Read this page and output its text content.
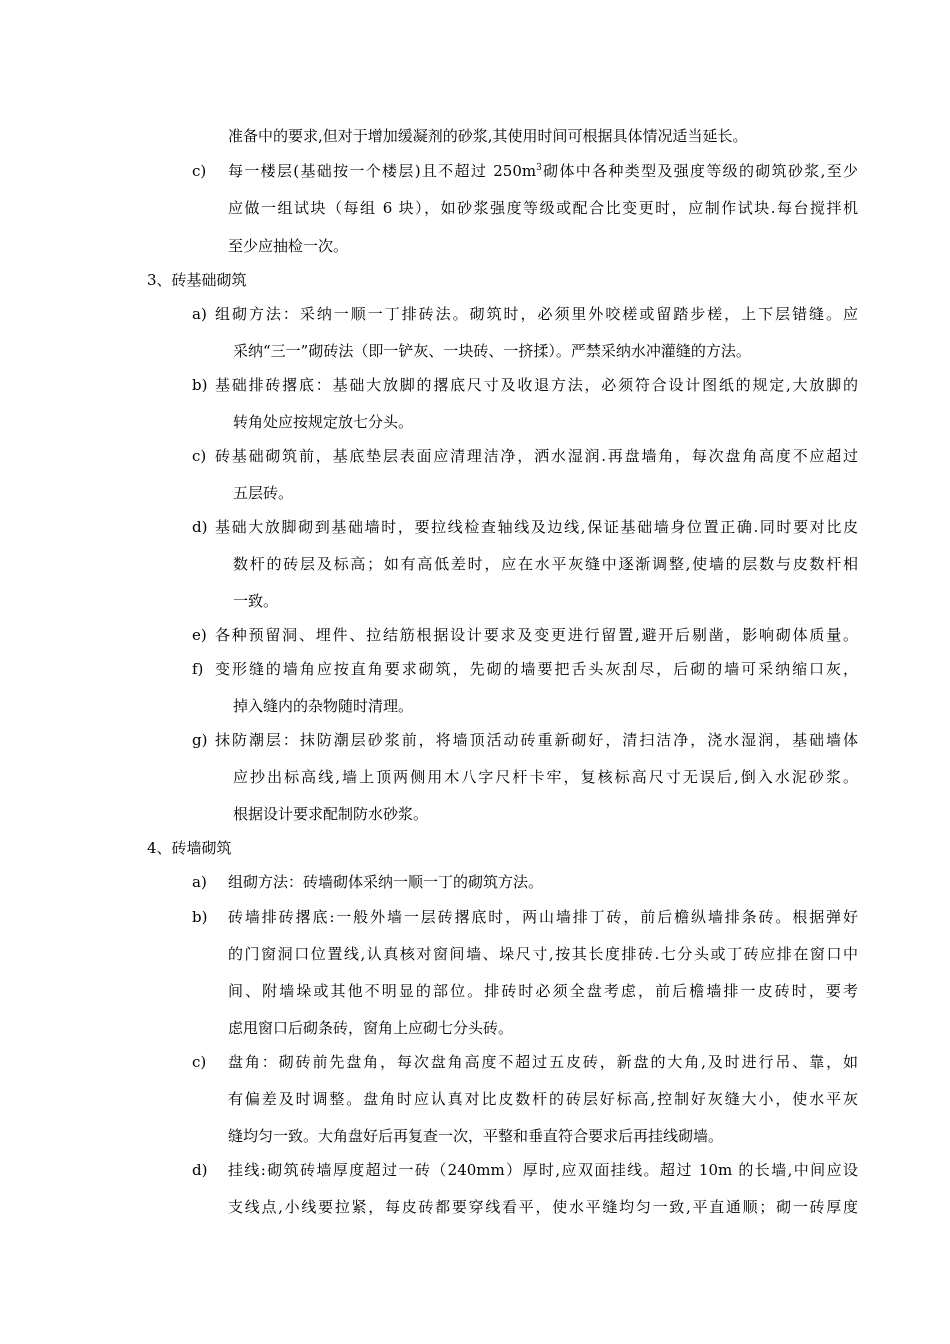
准备中的要求,但对于增加缓凝剂的砂浆,其使用时间可根据具体情况适当延长。
c) 每一楼层(基础按一个楼层)且不超过 $250m^3$砌体中各种类型及强度等级的砌筑砂浆,至少
应做一组试块（每组 6 块），如砂浆强度等级或配合比变更时，应制作试块.每台搅拌机
至少应抽检一次。
3、砖基础砌筑
a) 组砌方法：采纳一顺一丁排砖法。砌筑时，必须里外咬槎或留踏步槎，上下层错缝。应
采纳“三一”砌砖法（即一铲灰、一块砖、一挤揉）。严禁采纳水冲灌缝的方法。
b) 基础排砖撂底：基础大放脚的撂底尺寸及收退方法，必须符合设计图纸的规定,大放脚的
转角处应按规定放七分头。
c) 砖基础砌筑前，基底垫层表面应清理洁净，洒水湿润.再盘墙角，每次盘角高度不应超过
五层砖。
d) 基础大放脚砌到基础墙时，要拉线检查轴线及边线,保证基础墙身位置正确.同时要对比皮
数杆的砖层及标高；如有高低差时，应在水平灰缝中逐渐调整,使墙的层数与皮数杆相
一致。
e) 各种预留洞、埋件、拉结筋根据设计要求及变更进行留置,避开后剔凿，影响砌体质量。
f) 变形缝的墙角应按直角要求砌筑，先砌的墙要把舌头灰刮尽，后砌的墙可采纳缩口灰，
掉入缝内的杂物随时清理。
g) 抹防潮层：抹防潮层砂浆前，将墙顶活动砖重新砌好，清扫洁净，浇水湿润，基础墙体
应抄出标高线,墙上顶两侧用木八字尺杆卡牢，复核标高尺寸无误后,倒入水泥砂浆。
根据设计要求配制防水砂浆。
4、砖墙砌筑
a) 组砌方法：砖墙砌体采纳一顺一丁的砌筑方法。
b) 砖墙排砖撂底:一般外墙一层砖撂底时，两山墙排丁砖，前后檐纵墙排条砖。根据弹好
的门窗洞口位置线,认真核对窗间墙、垛尺寸,按其长度排砖.七分头或丁砖应排在窗口中
间、附墙垛或其他不明显的部位。排砖时必须全盘考虑，前后檐墙排一皮砖时，要考
虑甩窗口后砌条砖，窗角上应砌七分头砖。
c) 盘角：砌砖前先盘角，每次盘角高度不超过五皮砖，新盘的大角,及时进行吊、靠，如
有偏差及时调整。盘角时应认真对比皮数杆的砖层好标高,控制好灰缝大小，使水平灰
缝均匀一致。大角盘好后再复查一次，平整和垂直符合要求后再挂线砌墙。
d) 挂线:砌筑砖墙厚度超过一砖（240mm）厚时,应双面挂线。超过 10m 的长墙,中间应设
支线点,小线要拉紧，每皮砖都要穿线看平，使水平缝均匀一致,平直通顺；砌一砖厚度
